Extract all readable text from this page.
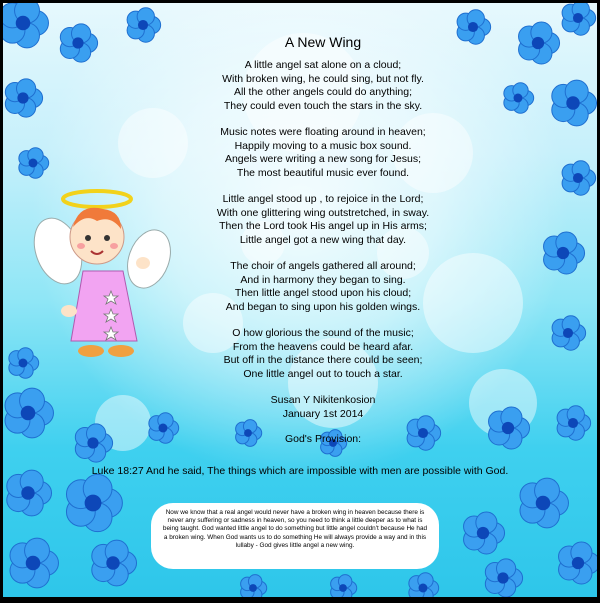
A New Wing
A little angel sat alone on a cloud;
With broken wing, he could sing, but not fly.
All the other angels could do anything;
They could even touch the stars in the sky.
Music notes were floating around in heaven;
Happily moving to a music box sound.
Angels were writing a new song for Jesus;
The most beautiful music ever found.
Little angel stood up , to rejoice in the Lord;
With one glittering wing outstretched, in sway.
Then the Lord took His angel up in His arms;
Little angel got a new wing that day.
The choir of angels gathered all around;
And in harmony they began to sing.
Then little angel stood upon his cloud;
And began to sing upon his golden wings.
O how glorious the sound of the music;
From the heavens could be heard afar.
But off in the distance there could be seen;
One little angel out to touch a star.
Susan Y Nikitenkosion
January 1st 2014
God's Provision:
Luke 18:27 And he said, The things which are impossible with men are possible with God.
Now we know that a real angel would never have a broken wing in heaven because there is never any suffering or sadness in heaven, so you need to think a little deeper as to what is being taught. God wanted little angel to do something but little angel couldn't because He had a broken wing. When God wants us to do something He will always provide a way and in this lullaby - God gives little angel a new wing.
